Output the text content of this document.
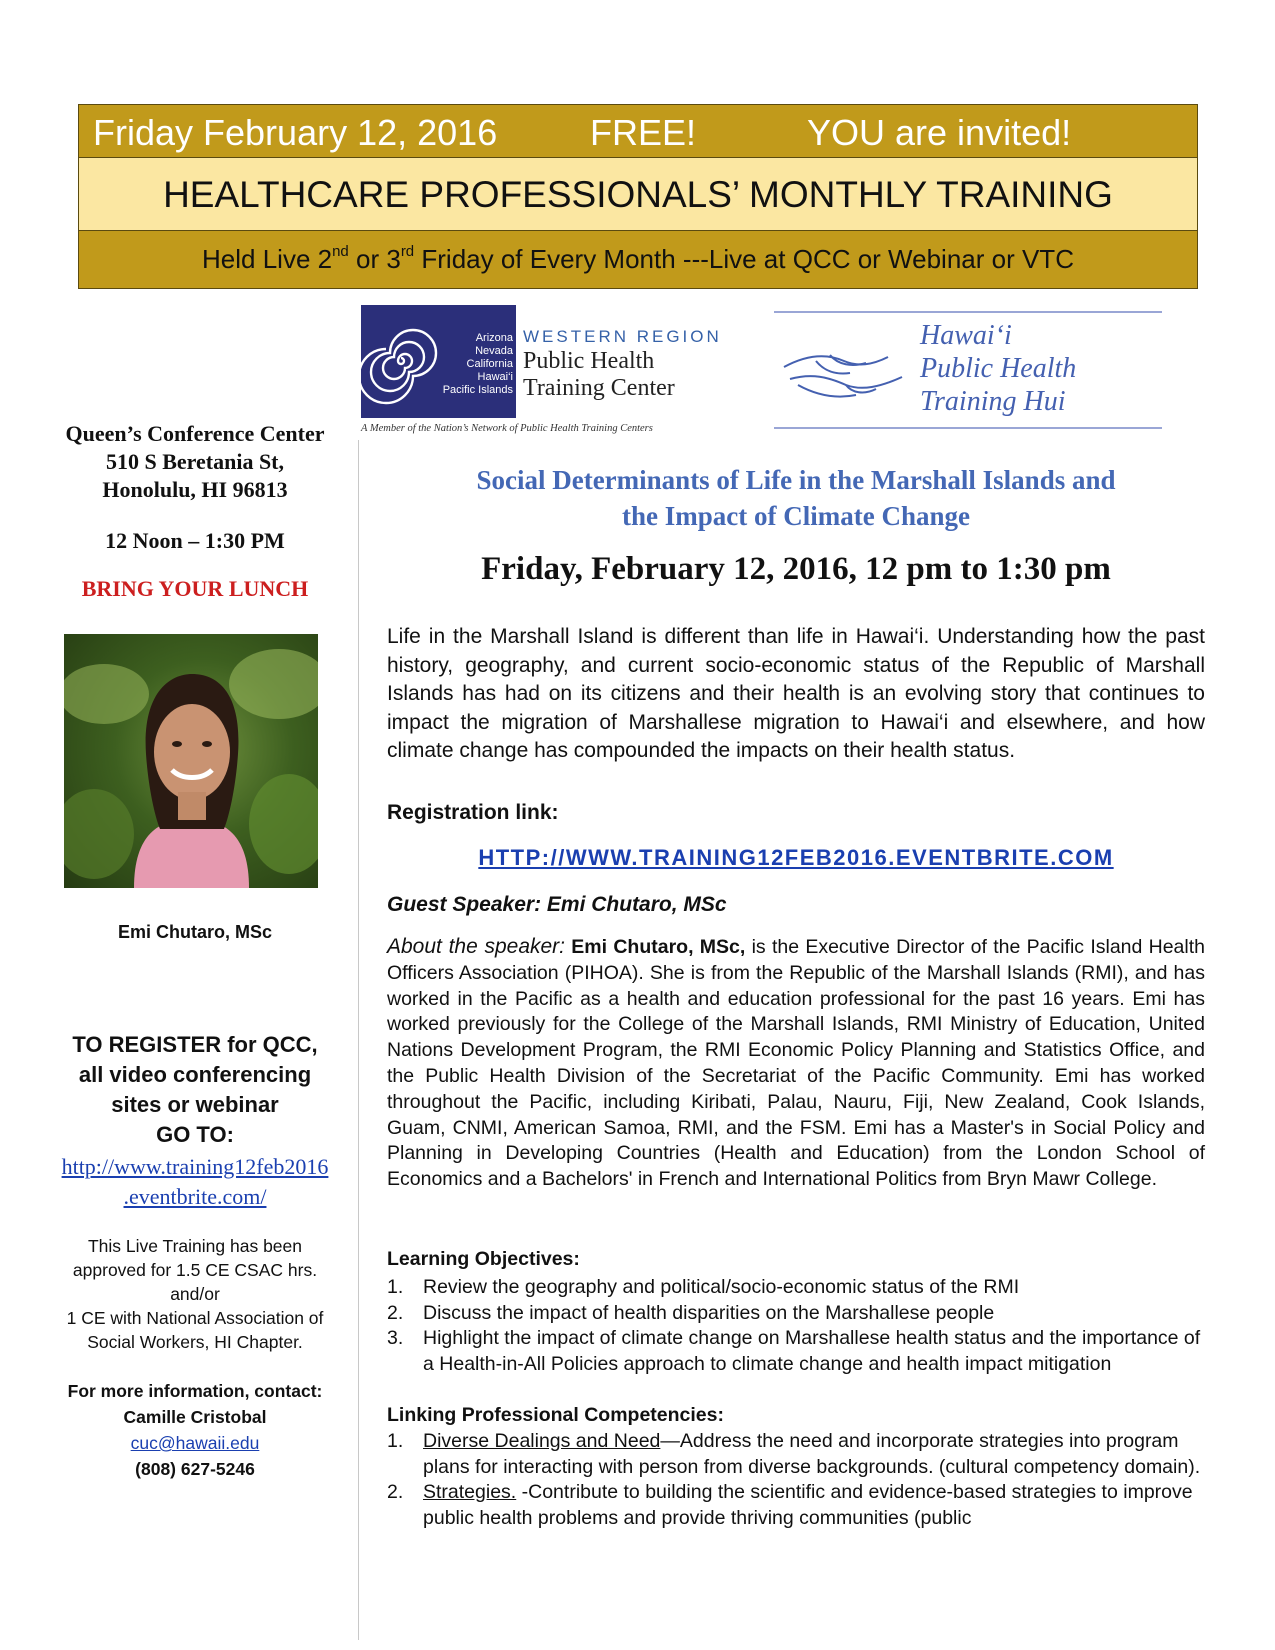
Friday February 12, 2016	FREE!	YOU are invited!
HEALTHCARE PROFESSIONALS’ MONTHLY TRAINING
Held Live 2nd or 3rd Friday of Every Month ---Live at QCC or Webinar or VTC
Arizona
Nevada
California
Hawai‘i
Pacific Islands
WESTERN REGION
Public Health
Training Center
A Member of the Nation’s Network of Public Health Training Centers
Hawai‘i
Public Health
Training Hui
Queen’s Conference Center
510 S Beretania St,
Honolulu, HI 96813
12 Noon – 1:30 PM
BRING YOUR LUNCH
Emi Chutaro, MSc
TO REGISTER for QCC,
all video conferencing
sites or webinar
GO TO:
http://www.training12feb2016
.eventbrite.com/
This Live Training has been
approved for 1.5 CE CSAC hrs.
and/or
1 CE with National Association of
Social Workers, HI Chapter.
For more information, contact:
Camille Cristobal
cuc@hawaii.edu
(808) 627-5246
Social Determinants of Life in the Marshall Islands and
the Impact of Climate Change
Friday, February 12, 2016, 12 pm to 1:30 pm
Life in the Marshall Island is different than life in Hawai‘i. Understanding how the past history, geography, and current socio-economic status of the Republic of Marshall Islands has had on its citizens and their health is an evolving story that continues to impact the migration of Marshallese migration to Hawai‘i and elsewhere, and how climate change has compounded the impacts on their health status.
Registration link:
HTTP://WWW.TRAINING12FEB2016.EVENTBRITE.COM
Guest Speaker: Emi Chutaro, MSc
About the speaker: Emi Chutaro, MSc, is the Executive Director of the Pacific Island Health Officers Association (PIHOA). She is from the Republic of the Marshall Islands (RMI), and has worked in the Pacific as a health and education professional for the past 16 years. Emi has worked previously for the College of the Marshall Islands, RMI Ministry of Education, United Nations Development Program, the RMI Economic Policy Planning and Statistics Office, and the Public Health Division of the Secretariat of the Pacific Community. Emi has worked throughout the Pacific, including Kiribati, Palau, Nauru, Fiji, New Zealand, Cook Islands, Guam, CNMI, American Samoa, RMI, and the FSM. Emi has a Master's in Social Policy and Planning in Developing Countries (Health and Education) from the London School of Economics and a Bachelors' in French and International Politics from Bryn Mawr College.
Learning Objectives:
1. Review the geography and political/socio-economic status of the RMI
2. Discuss the impact of health disparities on the Marshallese people
3. Highlight the impact of climate change on Marshallese health status and the importance of a Health-in-All Policies approach to climate change and health impact mitigation
Linking Professional Competencies:
1. Diverse Dealings and Need—Address the need and incorporate strategies into program plans for interacting with person from diverse backgrounds. (cultural competency domain).
2. Strategies. -Contribute to building the scientific and evidence-based strategies to improve public health problems and provide thriving communities (public
